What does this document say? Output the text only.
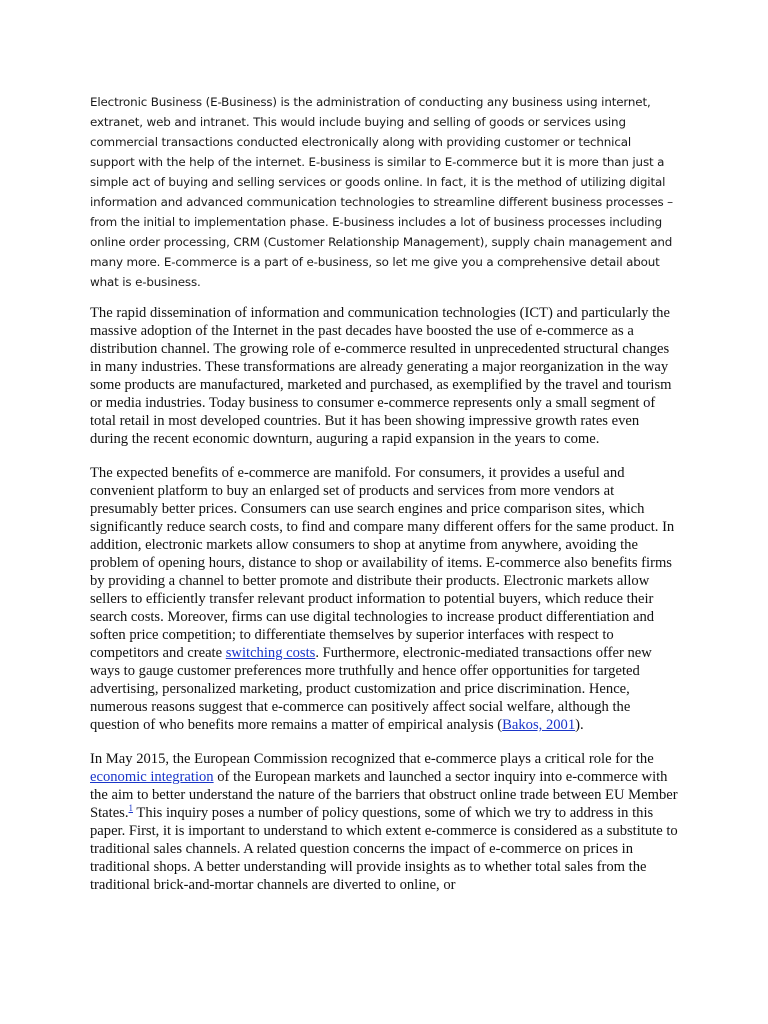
Electronic Business (E-Business) is the administration of conducting any business using internet, extranet, web and intranet. This would include buying and selling of goods or services using commercial transactions conducted electronically along with providing customer or technical support with the help of the internet. E-business is similar to E-commerce but it is more than just a simple act of buying and selling services or goods online. In fact, it is the method of utilizing digital information and advanced communication technologies to streamline different business processes – from the initial to implementation phase. E-business includes a lot of business processes including online order processing, CRM (Customer Relationship Management), supply chain management and many more. E-commerce is a part of e-business, so let me give you a comprehensive detail about what is e-business.

The rapid dissemination of information and communication technologies (ICT) and particularly the massive adoption of the Internet in the past decades have boosted the use of e-commerce as a distribution channel. The growing role of e-commerce resulted in unprecedented structural changes in many industries. These transformations are already generating a major reorganization in the way some products are manufactured, marketed and purchased, as exemplified by the travel and tourism or media industries. Today business to consumer e-commerce represents only a small segment of total retail in most developed countries. But it has been showing impressive growth rates even during the recent economic downturn, auguring a rapid expansion in the years to come.

The expected benefits of e-commerce are manifold. For consumers, it provides a useful and convenient platform to buy an enlarged set of products and services from more vendors at presumably better prices. Consumers can use search engines and price comparison sites, which significantly reduce search costs, to find and compare many different offers for the same product. In addition, electronic markets allow consumers to shop at anytime from anywhere, avoiding the problem of opening hours, distance to shop or availability of items. E-commerce also benefits firms by providing a channel to better promote and distribute their products. Electronic markets allow sellers to efficiently transfer relevant product information to potential buyers, which reduce their search costs. Moreover, firms can use digital technologies to increase product differentiation and soften price competition; to differentiate themselves by superior interfaces with respect to competitors and create switching costs. Furthermore, electronic-mediated transactions offer new ways to gauge customer preferences more truthfully and hence offer opportunities for targeted advertising, personalized marketing, product customization and price discrimination. Hence, numerous reasons suggest that e-commerce can positively affect social welfare, although the question of who benefits more remains a matter of empirical analysis (Bakos, 2001).

In May 2015, the European Commission recognized that e-commerce plays a critical role for the economic integration of the European markets and launched a sector inquiry into e-commerce with the aim to better understand the nature of the barriers that obstruct online trade between EU Member States.$^1$ This inquiry poses a number of policy questions, some of which we try to address in this paper. First, it is important to understand to which extent e-commerce is considered as a substitute to traditional sales channels. A related question concerns the impact of e-commerce on prices in traditional shops. A better understanding will provide insights as to whether total sales from the traditional brick-and-mortar channels are diverted to online, or
